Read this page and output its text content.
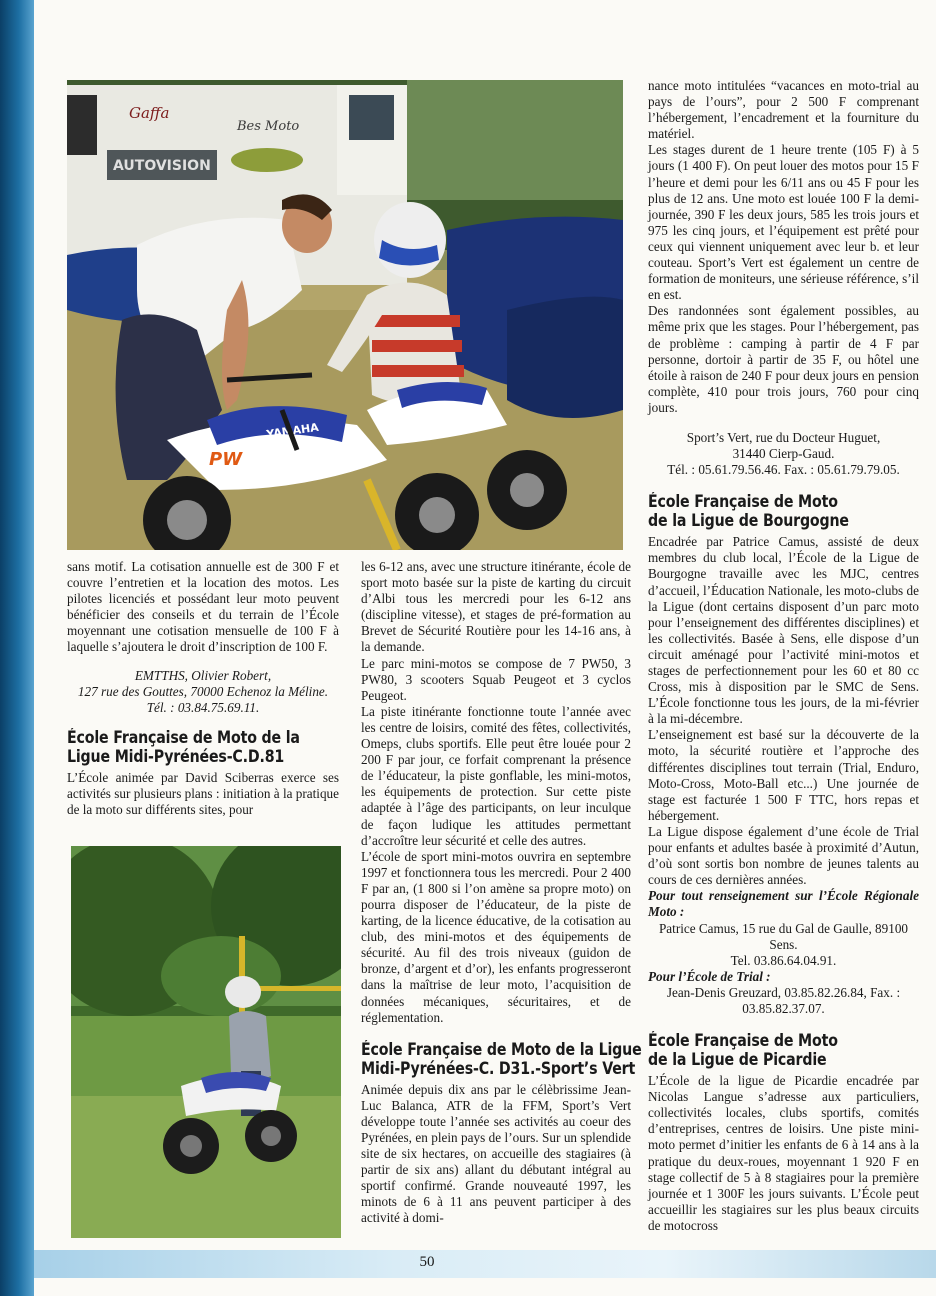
AUTOVISION
Gaffa
Bes Moto
YAMAHA
PW

sans motif. La cotisation annuelle est de 300 F et couvre l’entretien et la location des motos. Les pilotes licenciés et possédant leur moto peuvent bénéficier des conseils et du terrain de l’École moyennant une cotisation mensuelle de 100 F à laquelle s’ajoutera le droit d’inscription de 100 F.

EMTTHS, Olivier Robert,

127 rue des Gouttes, 70000 Echenoz la Méline.

Tél. : 03.84.75.69.11.

École Française de Moto de la
Ligue Midi-Pyrénées-C.D.81

L’École animée par David Sciberras exerce ses activités sur plusieurs plans : initiation à la pratique de la moto sur différents sites, pour

les 6-12 ans, avec une structure itinérante, école de sport moto basée sur la piste de karting du circuit d’Albi tous les mercredi pour les 6-12 ans (discipline vitesse), et stages de pré-formation au Brevet de Sécurité Routière pour les 14-16 ans, à la demande.

Le parc mini-motos se compose de 7 PW50, 3 PW80, 3 scooters Squab Peugeot et 3 cyclos Peugeot.

La piste itinérante fonctionne toute l’année avec les centre de loisirs, comité des fêtes, collectivités, Omeps, clubs sportifs. Elle peut être louée pour 2 200 F par jour, ce forfait comprenant la présence de l’éducateur, la piste gonflable, les mini-motos, les équipements de protection. Sur cette piste adaptée à l’âge des participants, on leur inculque de façon ludique les attitudes permettant d’accroître leur sécurité et celle des autres.

L’école de sport mini-motos ouvrira en septembre 1997 et fonctionnera tous les mercredi. Pour 2 400 F par an, (1 800 si l’on amène sa propre moto) on pourra disposer de l’éducateur, de la piste de karting, de la licence éducative, de la cotisation au club, des mini-motos et des équipements de sécurité. Au fil des trois niveaux (guidon de bronze, d’argent et d’or), les enfants progresseront dans la maîtrise de leur moto, l’acquisition de données mécaniques, sécuritaires, et de réglementation.

École Française de Moto de la Ligue
Midi-Pyrénées-C. D31.-Sport’s Vert

Animée depuis dix ans par le célèbrissime Jean-Luc Balanca, ATR de la FFM, Sport’s Vert développe toute l’année ses activités au coeur des Pyrénées, en plein pays de l’ours. Sur un splendide site de six hectares, on accueille des stagiaires (à partir de six ans) allant du débutant intégral au sportif confirmé. Grande nouveauté 1997, les minots de 6 à 11 ans peuvent participer à des activité à domi-

nance moto intitulées “vacances en moto-trial au pays de l’ours”, pour 2 500 F comprenant l’hébergement, l’encadrement et la fourniture du matériel.

Les stages durent de 1 heure trente (105 F) à 5 jours (1 400 F). On peut louer des motos pour 15 F l’heure et demi pour les 6/11 ans ou 45 F pour les plus de 12 ans. Une moto est louée 100 F la demi-journée, 390 F les deux jours, 585 les trois jours et 975 les cinq jours, et l’équipement est prêté pour ceux qui viennent uniquement avec leur b. et leur couteau. Sport’s Vert est également un centre de formation de moniteurs, une sérieuse référence, s’il en est.

Des randonnées sont également possibles, au même prix que les stages. Pour l’hébergement, pas de problème : camping à partir de 4 F par personne, dortoir à partir de 35 F, ou hôtel une étoile à raison de 240 F pour deux jours en pension complète, 410 pour trois jours, 760 pour cinq jours.

Sport’s Vert, rue du Docteur Huguet,

31440 Cierp-Gaud.

Tél. : 05.61.79.56.46. Fax. : 05.61.79.79.05.

École Française de Moto
de la Ligue de Bourgogne

Encadrée par Patrice Camus, assisté de deux membres du club local, l’École de la Ligue de Bourgogne travaille avec les MJC, centres d’accueil, l’Éducation Nationale, les moto-clubs de la Ligue (dont certains disposent d’un parc moto pour l’enseignement des différentes disciplines) et les collectivités. Basée à Sens, elle dispose d’un circuit aménagé pour l’activité mini-motos et stages de perfectionnement pour les 60 et 80 cc Cross, mis à disposition par le SMC de Sens. L’École fonctionne tous les jours, de la mi-février à la mi-décembre.

L’enseignement est basé sur la découverte de la moto, la sécurité routière et l’approche des différentes disciplines tout terrain (Trial, Enduro, Moto-Cross, Moto-Ball etc...) Une journée de stage est facturée 1 500 F TTC, hors repas et hébergement.

La Ligue dispose également d’une école de Trial pour enfants et adultes basée à proximité d’Autun, d’où sont sortis bon nombre de jeunes talents au cours de ces dernières années.

Pour tout renseignement sur l’École Régionale Moto :

Patrice Camus, 15 rue du Gal de Gaulle, 89100 Sens.

Tel. 03.86.64.04.91.

Pour l’École de Trial :

Jean-Denis Greuzard, 03.85.82.26.84, Fax. : 03.85.82.37.07.

École Française de Moto
de la Ligue de Picardie

L’École de la ligue de Picardie encadrée par Nicolas Langue s’adresse aux particuliers, collectivités locales, clubs sportifs, comités d’entreprises, centres de loisirs. Une piste mini-moto permet d’initier les enfants de 6 à 14 ans à la pratique du deux-roues, moyennant 1 920 F en stage collectif de 5 à 8 stagiaires pour la première journée et 1 300F les jours suivants. L’École peut accueillir les stagiaires sur les plus beaux circuits de motocross

50
